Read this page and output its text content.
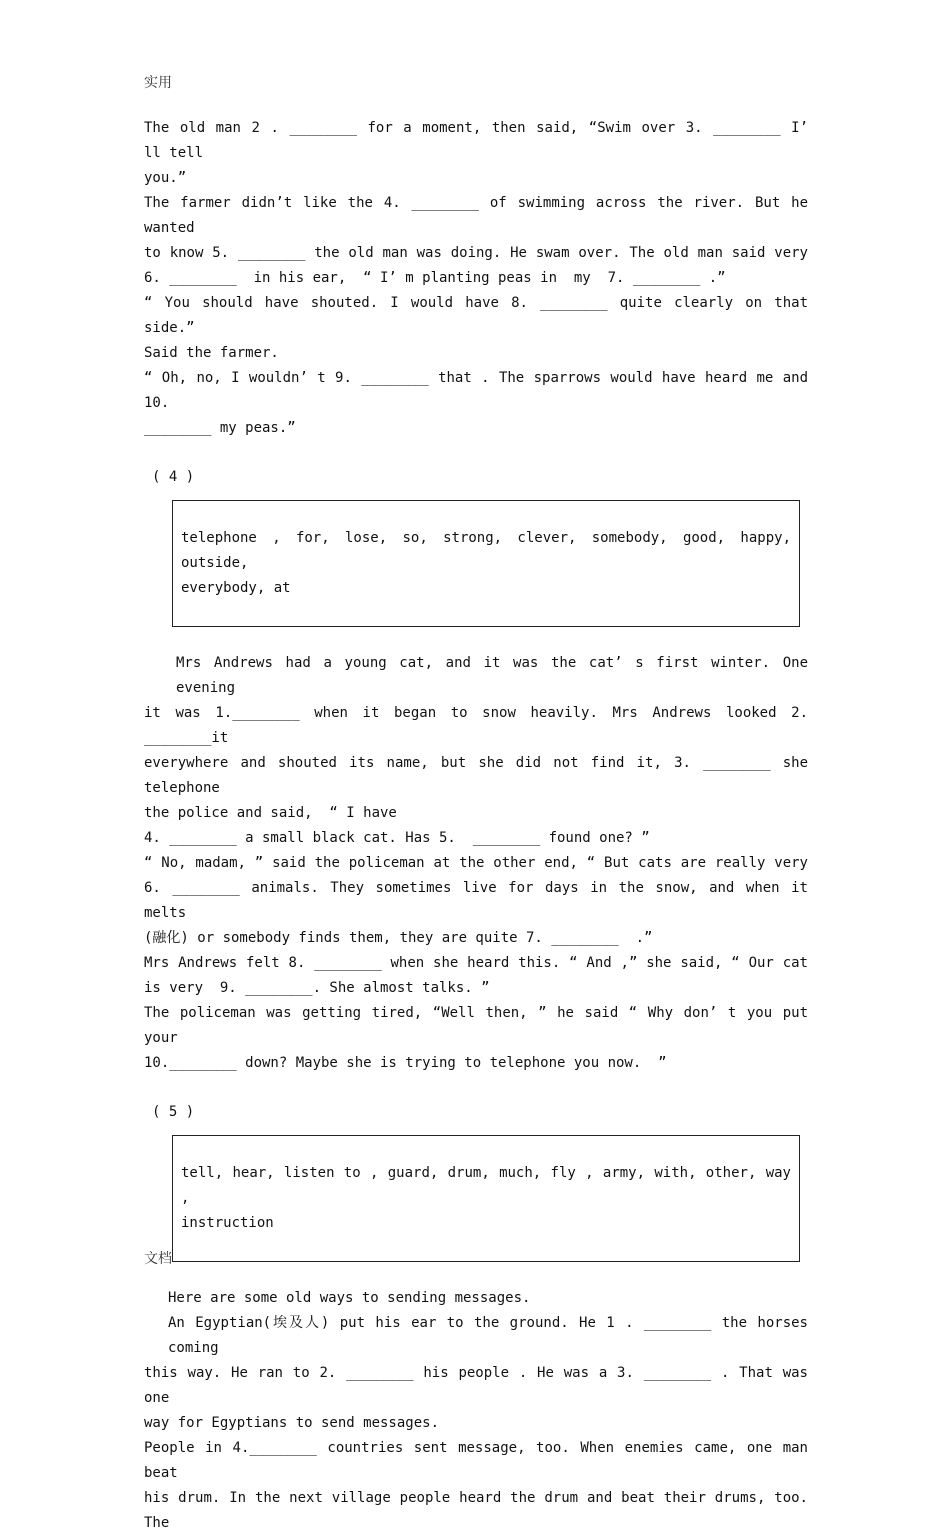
实用
The old man 2 . ________ for a moment, then said, “Swim over 3. ________ I’
ll tell
you.”
The farmer didn’t like the 4. ________ of swimming across the river. But he wanted
to know 5. ________ the old man was doing. He swam over. The old man said very
6. ________  in his ear,  “ I’ m planting peas in  my  7. ________ .”
“ You should have shouted. I would have 8. ________ quite clearly on that side.”
Said the farmer.
“ Oh, no, I wouldn’ t 9. ________ that . The sparrows would have heard me and 10.
________ my peas.”
( 4 )
telephone , for, lose, so, strong, clever, somebody, good, happy, outside,
everybody, at
Mrs Andrews had a young cat, and it was the cat’ s first winter. One evening
it was 1.________ when it began to snow heavily. Mrs Andrews looked 2. ________it
everywhere and shouted its name, but she did not find it, 3. ________ she telephone
the police and said,  “ I have
4. ________ a small black cat. Has 5.  ________ found one? ”
“ No, madam, ” said the policeman at the other end, “ But cats are really very
6. ________ animals. They sometimes live for days in the snow, and when it melts
(融化) or somebody finds them, they are quite 7. ________  .”
Mrs Andrews felt 8. ________ when she heard this. “ And ,” she said, “ Our cat
is very  9. ________. She almost talks. ”
The policeman was getting tired, “Well then, ” he said “ Why don’ t you put your
10.________ down? Maybe she is trying to telephone you now.  ”
( 5 )
tell, hear, listen to , guard, drum, much, fly , army, with, other, way ,
instruction
Here are some old ways to sending messages.
An Egyptian(埃及人) put his ear to the ground. He 1 . ________ the horses coming
this way. He ran to 2. ________ his people . He was a 3. ________ . That was one
way for Egyptians to send messages.
People in 4.________ countries sent message, too. When enemies came, one man beat
his drum. In the next village people heard the drum and beat their drums, too. The
文档
